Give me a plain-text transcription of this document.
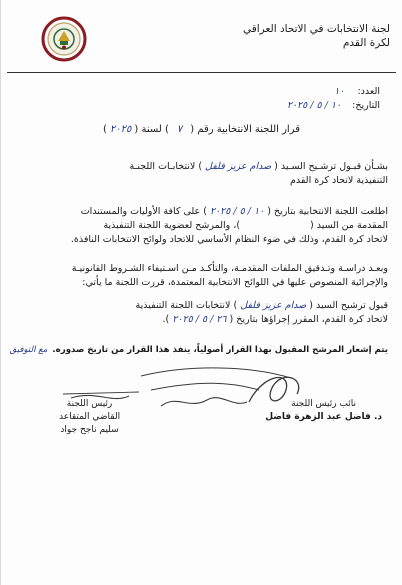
لجنة الانتخابات في الاتحاد العراقي
لكرة القدم
العدد: ١٠
التاريخ: ١٠ / ٥ / ٢٠٢٥
قرار اللجنة الانتخابية رقم (٧) لسنة (٢٠٢٥)
بشـأن قبـول ترشـيح السـيد (صدام عزيز فلفل) لانتخابـات اللجنـة
التنفيذية لاتحاد كرة القدم
اطلعت اللجنة الانتخابية بتاريخ (١٠ / ٥ / ٢٠٢٥) على كافة الأوليات والمستندات
المقدمة من السيد ()، والمرشح لعضوية اللجنة التنفيذية
لاتحاد كرة القدم، وذلك في ضوء النظام الأساسي للاتحاد ولوائح الانتخابات النافذة.
وبعـد دراسـة وتـدقيق الملفات المقدمـة، والتأكـد مـن اسـتيفاء الشـروط القانونيـة
والإجرائية المنصوص عليها في اللوائح الانتخابية المعتمدة، قررت اللجنة ما يأتي:
قبول ترشيح السيد (صدام عزيز فلفل) لانتخابات اللجنة التنفيذية
لاتحاد كرة القدم، المقرر إجراؤها بتاريخ (٢٦ / ٥ / ٢٠٢٥).
يتم إشعار المرشح المقبول بهذا القرار أصولياً، ينفذ هذا القرار من تاريخ صدوره. مع التوفيق
نائب رئيس اللجنة
د. فاضل عبد الزهرة فاضل
رئيس اللجنة
القاضي المتقاعد
سليم ناجح جواد
